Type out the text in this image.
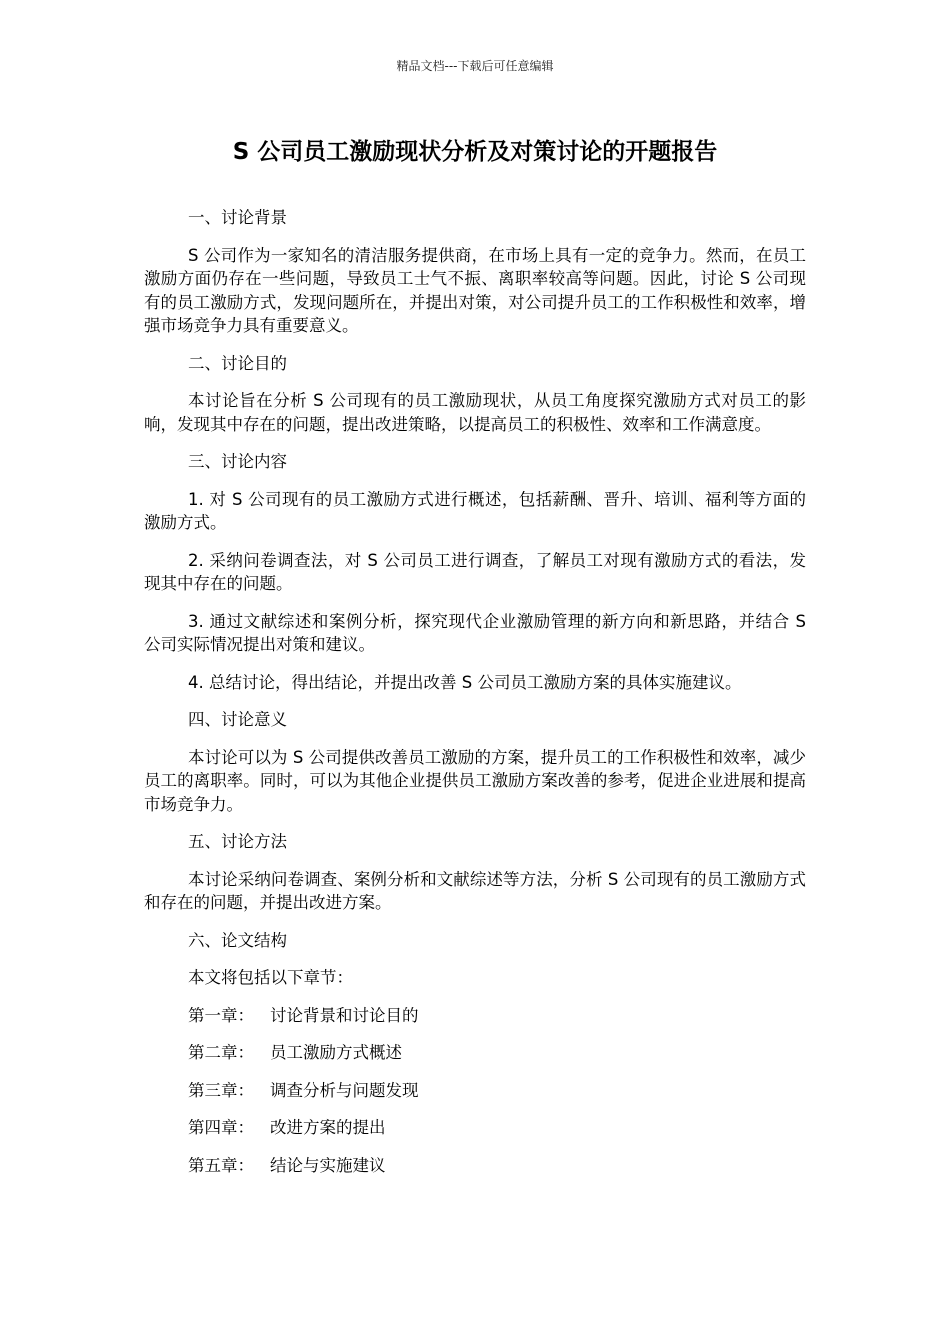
精品文档---下载后可任意编辑
S 公司员工激励现状分析及对策讨论的开题报告

一、讨论背景

S 公司作为一家知名的清洁服务提供商，在市场上具有一定的竞争力。然而，在员工激励方面仍存在一些问题，导致员工士气不振、离职率较高等问题。因此，讨论 S 公司现有的员工激励方式，发现问题所在，并提出对策，对公司提升员工的工作积极性和效率，增强市场竞争力具有重要意义。

二、讨论目的

本讨论旨在分析 S 公司现有的员工激励现状，从员工角度探究激励方式对员工的影响，发现其中存在的问题，提出改进策略，以提高员工的积极性、效率和工作满意度。

三、讨论内容

1. 对 S 公司现有的员工激励方式进行概述，包括薪酬、晋升、培训、福利等方面的激励方式。

2. 采纳问卷调查法，对 S 公司员工进行调查，了解员工对现有激励方式的看法，发现其中存在的问题。

3. 通过文献综述和案例分析，探究现代企业激励管理的新方向和新思路，并结合 S 公司实际情况提出对策和建议。

4. 总结讨论，得出结论，并提出改善 S 公司员工激励方案的具体实施建议。

四、讨论意义

本讨论可以为 S 公司提供改善员工激励的方案，提升员工的工作积极性和效率，减少员工的离职率。同时，可以为其他企业提供员工激励方案改善的参考，促进企业进展和提高市场竞争力。

五、讨论方法

本讨论采纳问卷调查、案例分析和文献综述等方法，分析 S 公司现有的员工激励方式和存在的问题，并提出改进方案。

六、论文结构

本文将包括以下章节：

第一章： 讨论背景和讨论目的

第二章： 员工激励方式概述

第三章： 调查分析与问题发现

第四章： 改进方案的提出

第五章： 结论与实施建议
